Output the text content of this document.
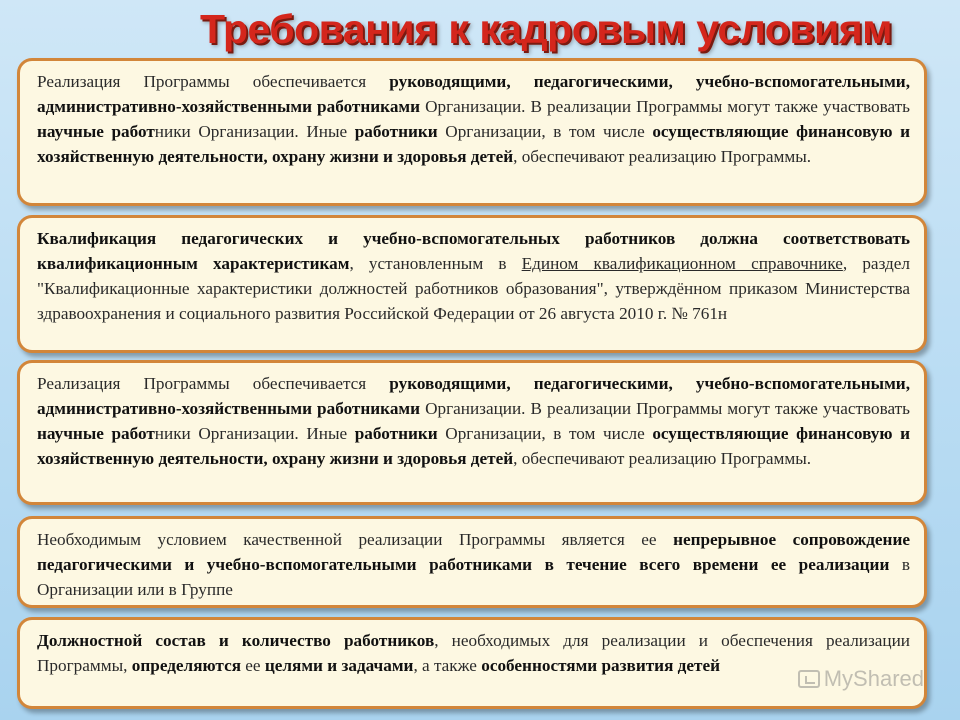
Требования к кадровым условиям

Реализация Программы обеспечивается руководящими, педагогическими, учебно-вспомогательными, административно-хозяйственными работниками Организации. В реализации Программы могут также участвовать научные работники Организации. Иные работники Организации, в том числе осуществляющие финансовую и хозяйственную деятельности, охрану жизни и здоровья детей, обеспечивают реализацию Программы.

Квалификация педагогических и учебно-вспомогательных работников должна соответствовать квалификационным характеристикам, установленным в Едином квалификационном справочнике, раздел "Квалификационные характеристики должностей работников образования", утверждённом приказом Министерства здравоохранения и социального развития Российской Федерации от 26 августа 2010 г. № 761н

Реализация Программы обеспечивается руководящими, педагогическими, учебно-вспомогательными, административно-хозяйственными работниками Организации. В реализации Программы могут также участвовать научные работники Организации. Иные работники Организации, в том числе осуществляющие финансовую и хозяйственную деятельности, охрану жизни и здоровья детей, обеспечивают реализацию Программы.

Необходимым условием качественной реализации Программы является ее непрерывное сопровождение педагогическими и учебно-вспомогательными работниками в течение всего времени ее реализации в Организации или в Группе

Должностной состав и количество работников, необходимых для реализации и обеспечения реализации Программы, определяются ее целями и задачами, а также особенностями развития детей

MyShared
